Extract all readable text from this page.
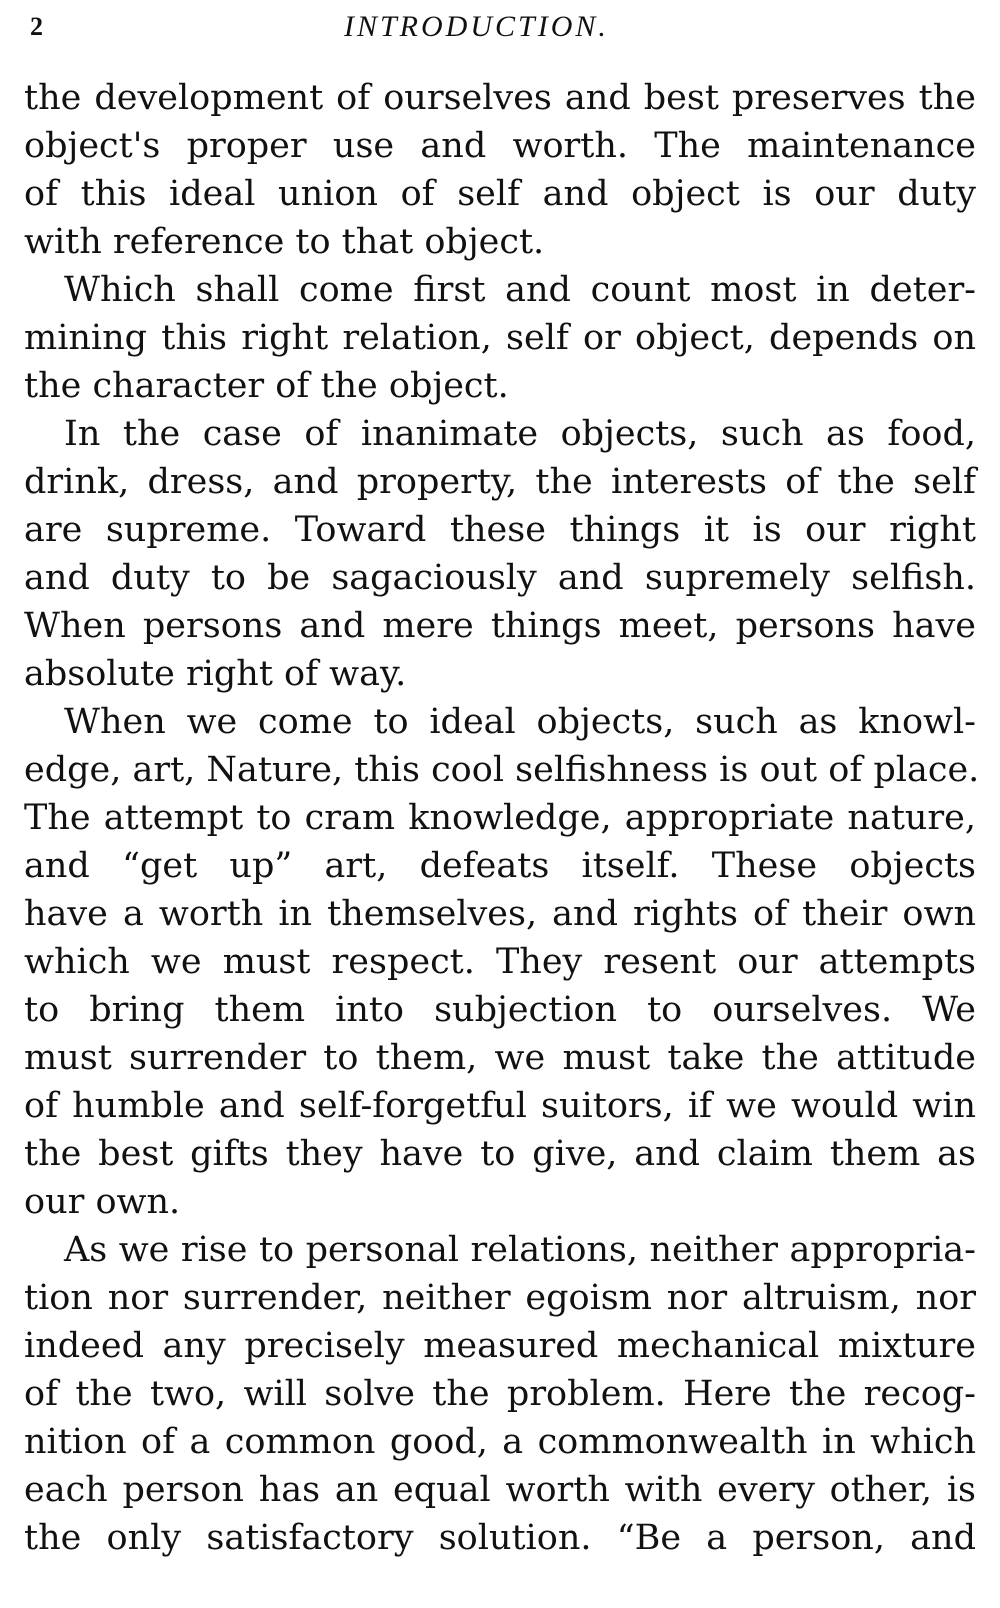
2	INTRODUCTION.
the development of ourselves and best preserves the
object's proper use and worth. The maintenance
of this ideal union of self and object is our duty
with reference to that object.
Which shall come first and count most in deter-
mining this right relation, self or object, depends on
the character of the object.
In the case of inanimate objects, such as food,
drink, dress, and property, the interests of the self
are supreme. Toward these things it is our right
and duty to be sagaciously and supremely selfish.
When persons and mere things meet, persons have
absolute right of way.
When we come to ideal objects, such as knowl-
edge, art, Nature, this cool selfishness is out of place.
The attempt to cram knowledge, appropriate nature,
and “get up” art, defeats itself. These objects
have a worth in themselves, and rights of their own
which we must respect. They resent our attempts
to bring them into subjection to ourselves. We
must surrender to them, we must take the attitude
of humble and self-forgetful suitors, if we would win
the best gifts they have to give, and claim them as
our own.
As we rise to personal relations, neither appropria-
tion nor surrender, neither egoism nor altruism, nor
indeed any precisely measured mechanical mixture
of the two, will solve the problem. Here the recog-
nition of a common good, a commonwealth in which
each person has an equal worth with every other, is
the only satisfactory solution. “Be a person, and
